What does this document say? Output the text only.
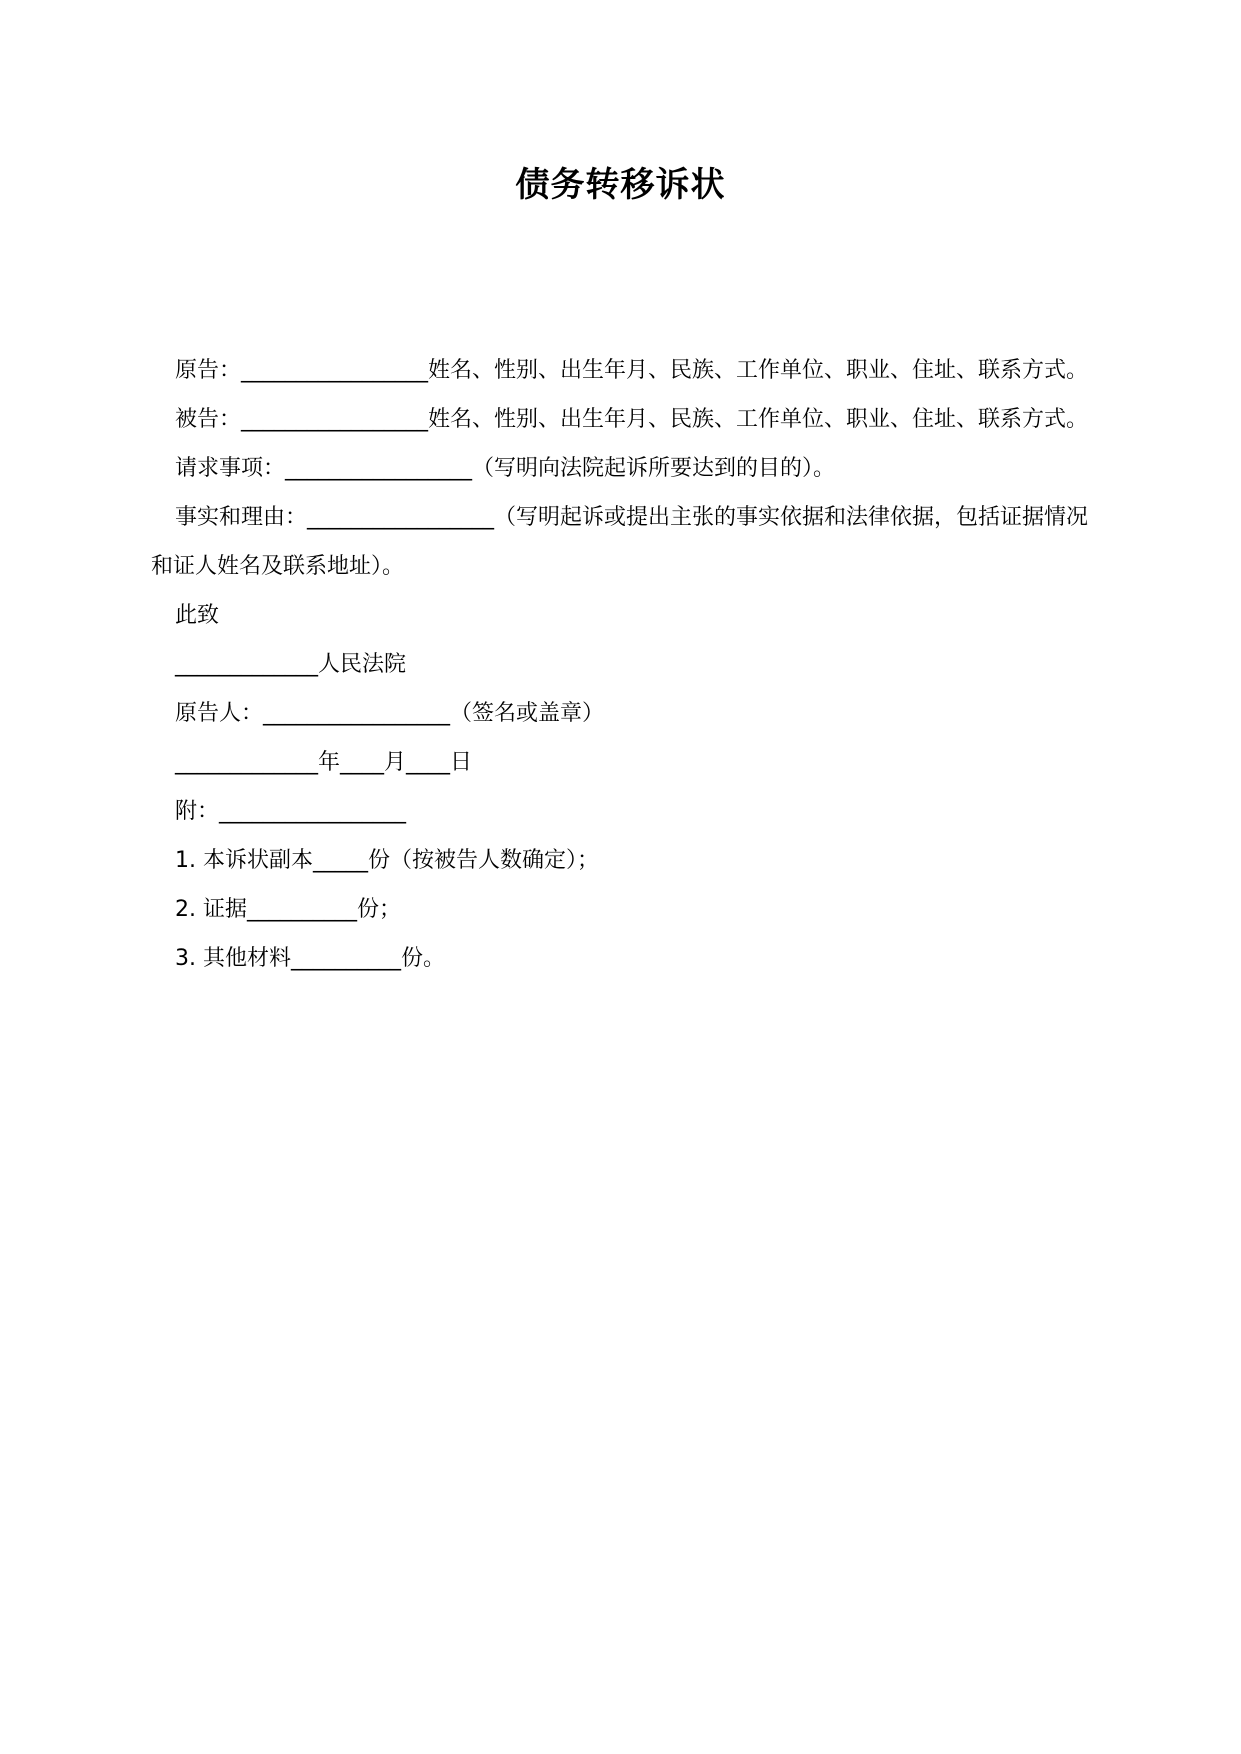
债务转移诉状

原告：_________________姓名、性别、出生年月、民族、工作单位、职业、住址、联系方式。

被告：_________________姓名、性别、出生年月、民族、工作单位、职业、住址、联系方式。

请求事项：_________________（写明向法院起诉所要达到的目的）。

事实和理由：_________________（写明起诉或提出主张的事实依据和法律依据，包括证据情况和证人姓名及联系地址）。

此致

_____________人民法院

原告人：_________________（签名或盖章）

_____________年____月____日

附：_________________

1. 本诉状副本_____份（按被告人数确定）；

2. 证据__________份；

3. 其他材料__________份。
